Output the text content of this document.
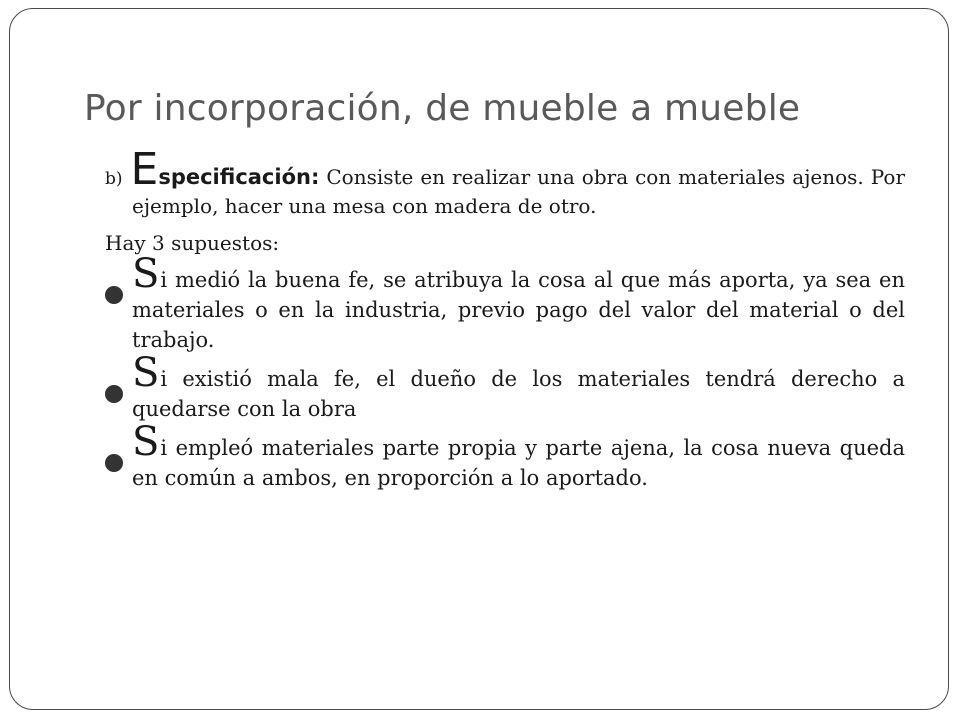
Por incorporación, de mueble a mueble

b) Especificación: Consiste en realizar una obra con materiales ajenos. Por ejemplo, hacer una mesa con madera de otro.

Hay 3 supuestos:

Si medió la buena fe, se atribuya la cosa al que más aporta, ya sea en materiales o en la industria, previo pago del valor del material o del trabajo.
Si existió mala fe, el dueño de los materiales tendrá derecho a quedarse con la obra
Si empleó materiales parte propia y parte ajena, la cosa nueva queda en común a ambos, en proporción a lo aportado.
